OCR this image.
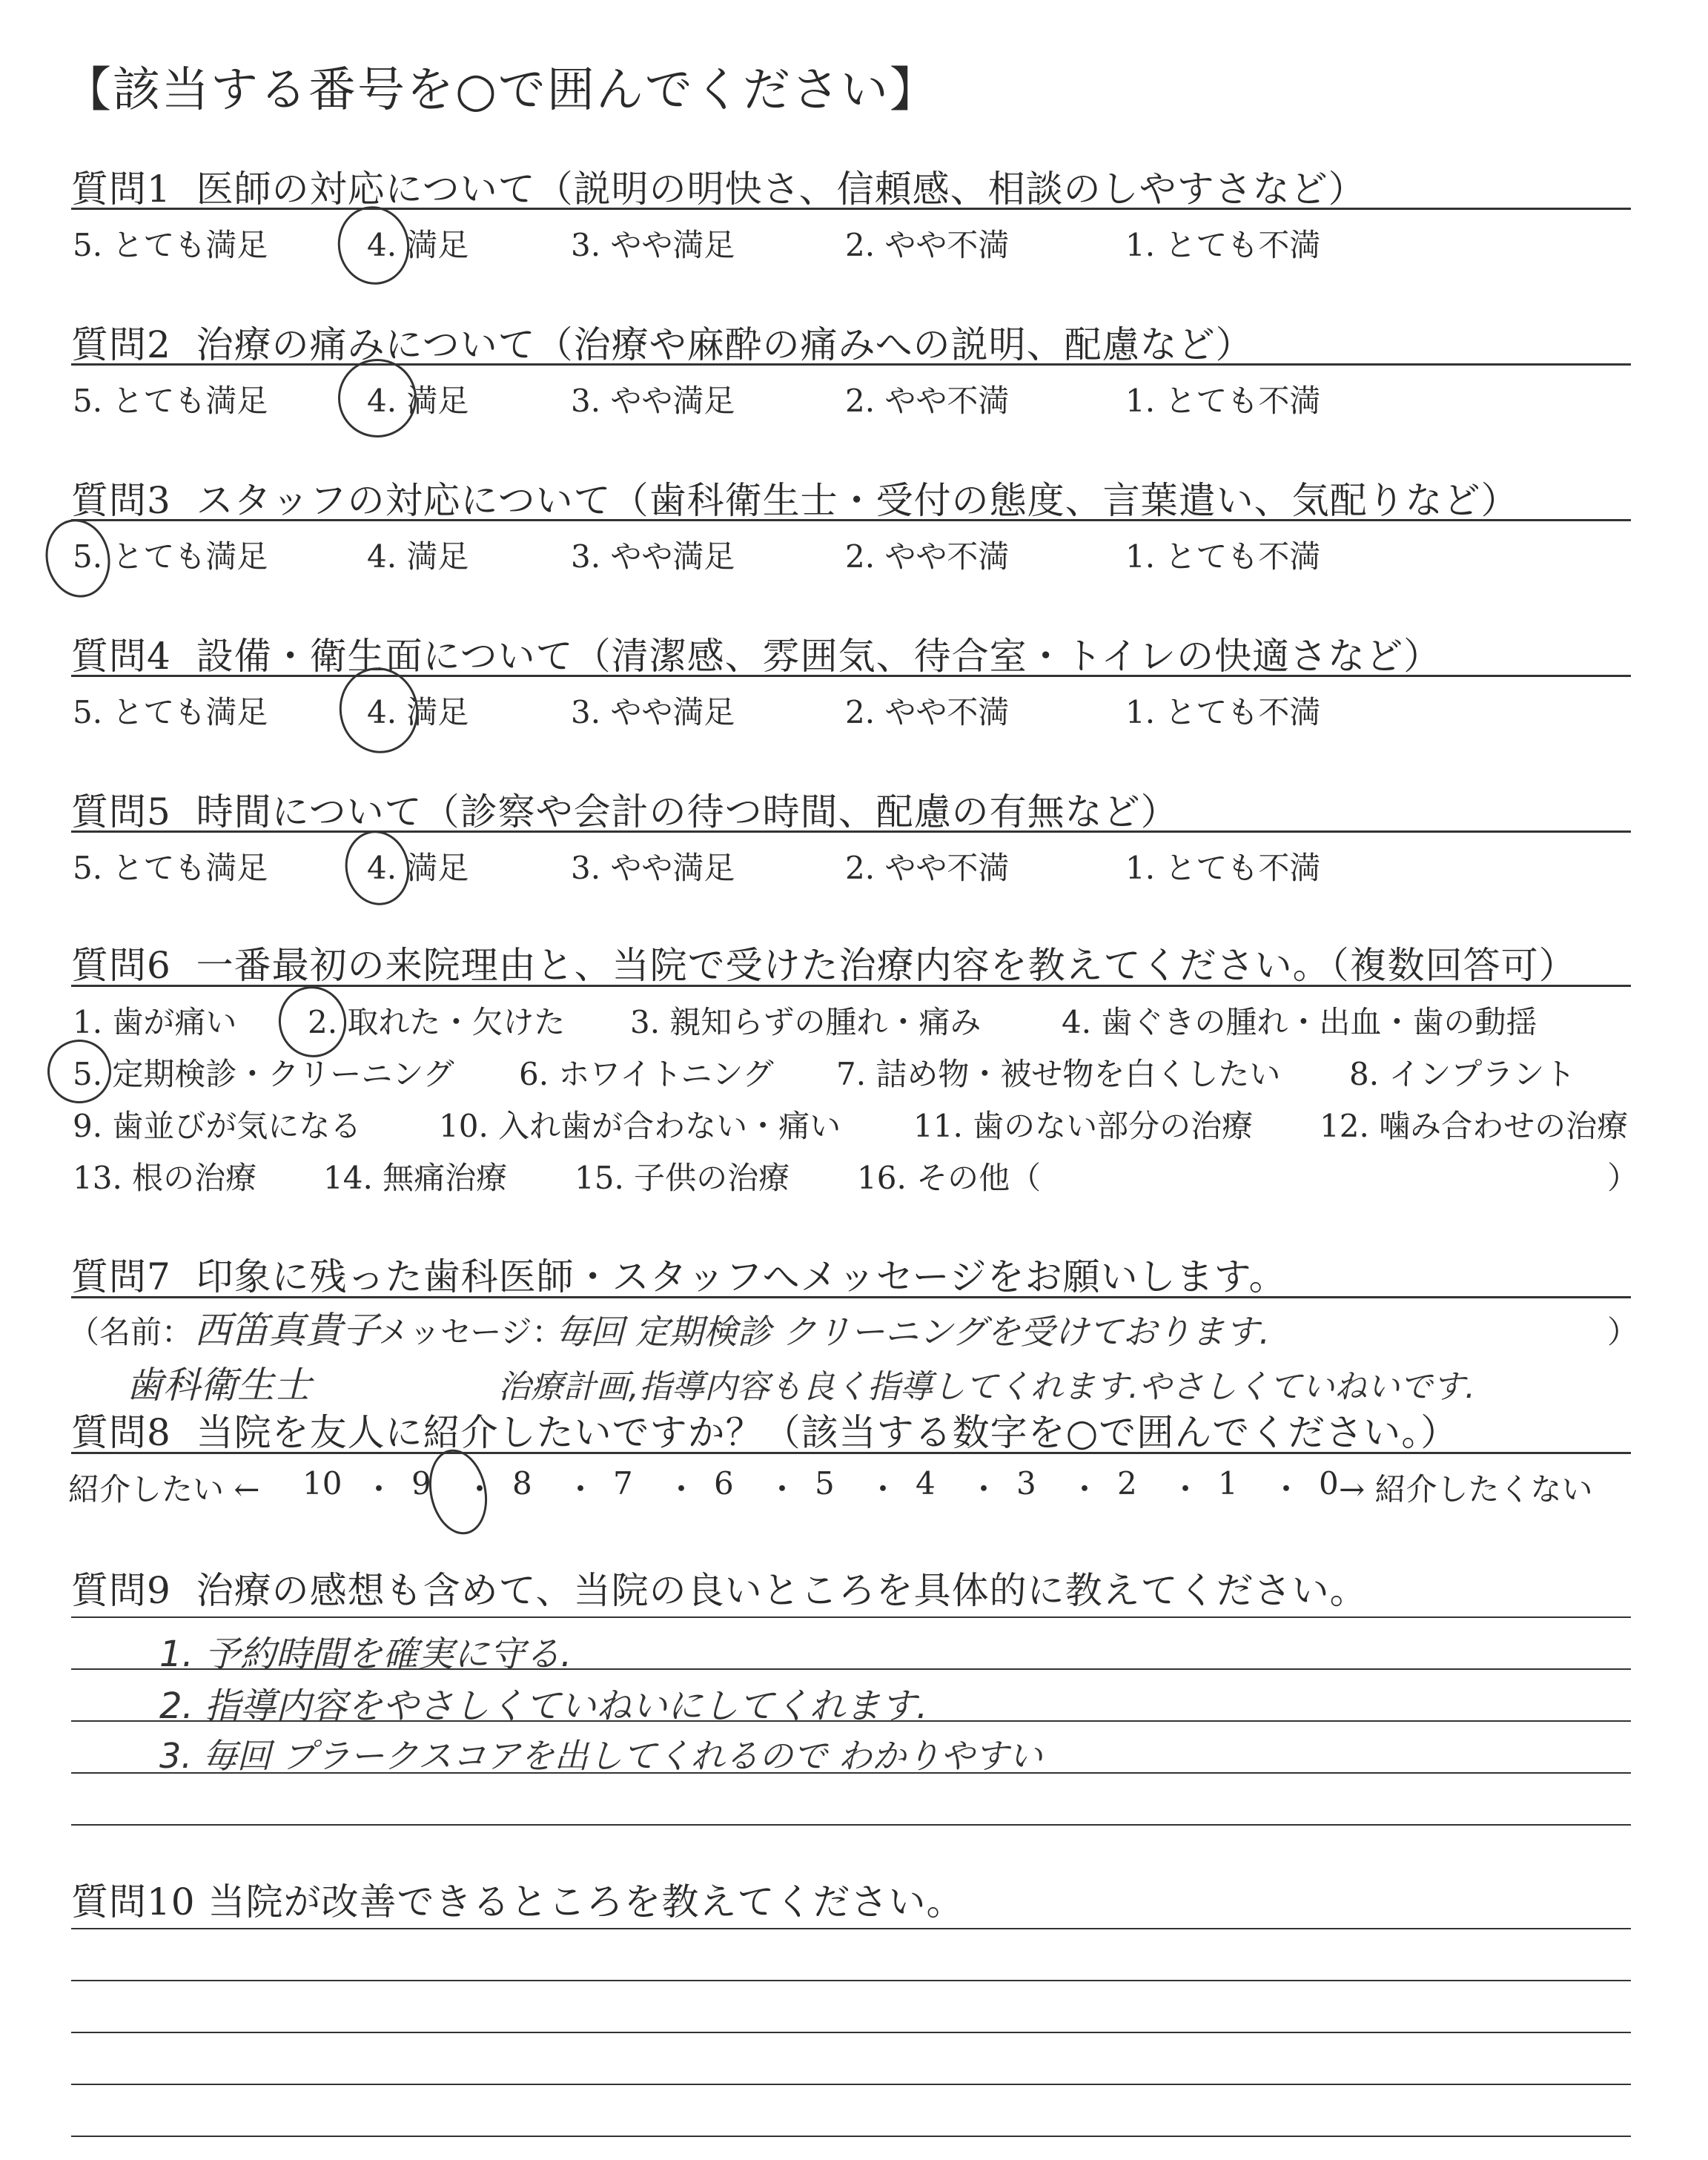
【該当する番号を○で囲んでください】
質問1 医師の対応について（説明の明快さ、信頼感、相談のしやすさなど）
5. とても満足	4. 満足	3. やや満足	2. やや不満	1. とても不満
質問2 治療の痛みについて（治療や麻酔の痛みへの説明、配慮など）
5. とても満足	4. 満足	3. やや満足	2. やや不満	1. とても不満
質問3 スタッフの対応について（歯科衛生士・受付の態度、言葉遣い、気配りなど）
5. とても満足	4. 満足	3. やや満足	2. やや不満	1. とても不満
質問4 設備・衛生面について（清潔感、雰囲気、待合室・トイレの快適さなど）
5. とても満足	4. 満足	3. やや満足	2. やや不満	1. とても不満
質問5 時間について（診察や会計の待つ時間、配慮の有無など）
5. とても満足	4. 満足	3. やや満足	2. やや不満	1. とても不満
質問6 一番最初の来院理由と、当院で受けた治療内容を教えてください。（複数回答可）
1. 歯が痛い 2. 取れた・欠けた 3. 親知らずの腫れ・痛み	4. 歯ぐきの腫れ・出血・歯の動揺
5. 定期検診・クリーニング 6. ホワイトニング 7. 詰め物・被せ物を白くしたい 8. インプラント
9. 歯並びが気になる 10. 入れ歯が合わない・痛い 11. 歯のない部分の治療 12. 噛み合わせの治療
13. 根の治療 14. 無痛治療 15. 子供の治療 16. その他（	）
質問7 印象に残った歯科医師・スタッフへメッセージをお願いします。
（名前： 西笛真貴子
メッセージ：
毎回 定期検診 クリーニングを受けております.	）
歯科衛生士	治療計画,指導内容も良く指導してくれます.やさしくていねいです.
質問8 当院を友人に紹介したいですか？（該当する数字を○で囲んでください。）
紹介したい ← 10 ・ 9 ・ 8 ・ 7 ・ 6 ・ 5 ・ 4 ・ 3 ・ 2 ・ 1 ・ 0 → 紹介したくない
質問9 治療の感想も含めて、当院の良いところを具体的に教えてください。
1. 予約時間を確実に守る.
2. 指導内容をやさしくていねいにしてくれます.
3. 毎回 プラークスコアを出してくれるので わかりやすい
質問10 当院が改善できるところを教えてください。
